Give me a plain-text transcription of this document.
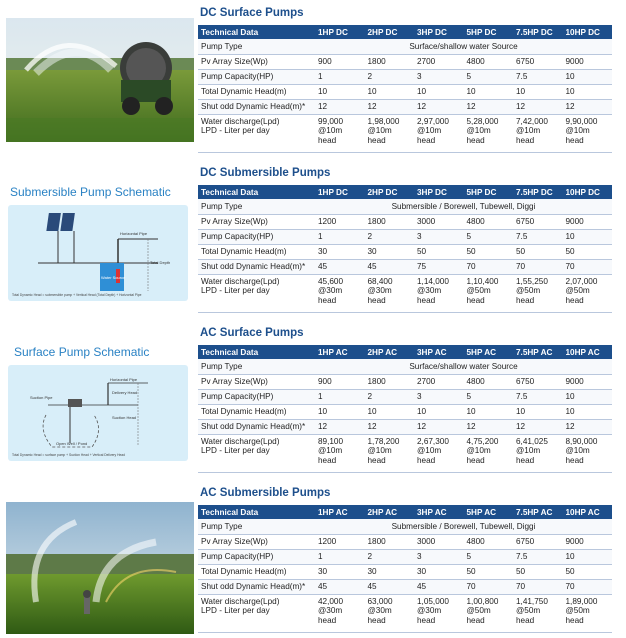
DC Surface Pumps
Technical Data	1HP DC	2HP DC	3HP DC	5HP DC	7.5HP DC	10HP DC
Pump Type	Surface/shallow water Source					
Pv Array Size(Wp)	900	1800	2700	4800	6750	9000
Pump Capacity(HP)	1	2	3	5	7.5	10
Total Dynamic Head(m)	10	10	10	10	10	10
Shut odd Dynamic Head(m)*	12	12	12	12	12	12
Water discharge(Lpd)
LPD - Liter per day	99,000
@10m
head	1,98,000
@10m
head	2,97,000
@10m
head	5,28,000
@10m
head	7,42,000
@10m
head	9,90,000
@10m
head
DC Submersible Pumps
Submersible Pump Schematic
Horizontal Pipe
Total Depth
Water Source
Total Dynamic Head = submersible pump + Vertical Head (Total Depth) + Horizontal Pipe
Technical Data	1HP DC	2HP DC	3HP DC	5HP DC	7.5HP DC	10HP DC
Pump Type	Submersible / Borewell, Tubewell, Diggi					
Pv Array Size(Wp)	1200	1800	3000	4800	6750	9000
Pump Capacity(HP)	1	2	3	5	7.5	10
Total Dynamic Head(m)	30	30	50	50	50	50
Shut odd Dynamic Head(m)*	45	45	75	70	70	70
Water discharge(Lpd)
LPD - Liter per day	45,600
@30m
head	68,400
@30m
head	1,14,000
@30m
head	1,10,400
@50m
head	1,55,250
@50m
head	2,07,000
@50m
head
AC Surface Pumps
Surface Pump Schematic
Horizontal Pipe
Delivery Head
Suction Head
Suction Pipe
Open Well / Pond
Total Dynamic Head = surface pump + Suction Head + Vertical Delivery Head
Technical Data	1HP AC	2HP AC	3HP AC	5HP AC	7.5HP AC	10HP AC
Pump Type	Surface/shallow water Source					
Pv Array Size(Wp)	900	1800	2700	4800	6750	9000
Pump Capacity(HP)	1	2	3	5	7.5	10
Total Dynamic Head(m)	10	10	10	10	10	10
Shut odd Dynamic Head(m)*	12	12	12	12	12	12
Water discharge(Lpd)
LPD - Liter per day	89,100
@10m
head	1,78,200
@10m
head	2,67,300
@10m
head	4,75,200
@10m
head	6,41,025
@10m
head	8,90,000
@10m
head
AC Submersible Pumps
Technical Data	1HP AC	2HP AC	3HP AC	5HP AC	7.5HP AC	10HP AC
Pump Type	Submersible / Borewell, Tubewell, Diggi					
Pv Array Size(Wp)	1200	1800	3000	4800	6750	9000
Pump Capacity(HP)	1	2	3	5	7.5	10
Total Dynamic Head(m)	30	30	30	50	50	50
Shut odd Dynamic Head(m)*	45	45	45	70	70	70
Water discharge(Lpd)
LPD - Liter per day	42,000
@30m
head	63,000
@30m
head	1,05,000
@30m
head	1,00,800
@50m
head	1,41,750
@50m
head	1,89,000
@50m
head
